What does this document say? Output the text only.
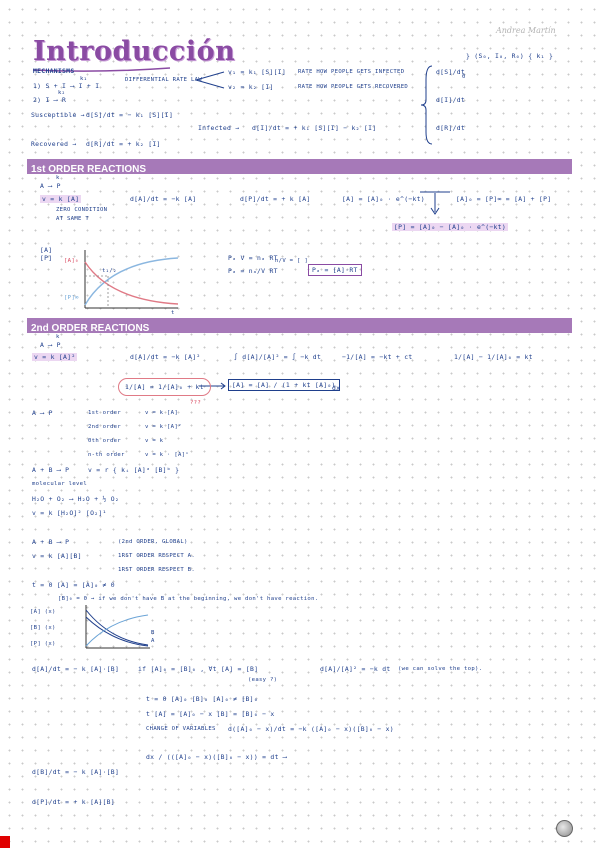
Andrea Martín
Introducción
MECHANISMS
1) S + I ⟶ I + I
k₁
2) I ⟶ R
k₂
DIFFERENTIAL RATE LAW
v₁ = k₁ [S][I] RATE HOW PEOPLE GETS INFECTED
v₂ = k₂ [I]	RATE HOW PEOPLE GETS RECOVERED
Susceptible → d[S]/dt = − k₁ [S][I]
Infected → d[I]/dt = + k₁ [S][I] − k₂ [I]
Recovered → d[R]/dt = + k₂ [I]
d[S]/dt
d[I]/dt
d[R]/dt
0
} (S₀, I₀, R₀) { k₁ }
1st ORDER REACTIONS
A ⟶ P
k
v = k [A]
ZERO CONDITION
AT SAME T
d[A]/dt = −k [A]	d[P]/dt = + k [A]	[A] = [A]₀ · e^(−kt)	[A]₀ = [P]∞ = [A] + [P]
[P] = [A]₀ − [A]₀ · e^(−kt)
[A]
[P] [A]₀
[P]∞
t₁/₂
t
Pₐ V = nₐ RT
Pₐ = nₐ/V RT
n/V = [ ]
Pₐ = [A]·RT
2nd ORDER REACTIONS
A ⟶ P
k
v = k [A]²	d[A]/dt = −k [A]²	∫ d[A]/[A]² = ∫ −k dt	−1/[A] = −kt + ct	1/[A] − 1/[A]₀ = kt
1/[A] = 1/[A]₀ + kt
???
[A] = [A] / (1 + kt [A]₀)
dx
A ⟶ P	1st order	v = k [A]
2nd order	v = k [A]²
0th order	v = k
n-th order	v = k · [A]ⁿ
A + B ⟶ P	v = r { kᵢ [A]ᵃ [B]ᵇ }
molecular level
H₂O + O₂ ⟶ H₂O + ½ O₂
v = k [H₂O]² [O₂]¹
A + B ⟶ P	(2nd ORDER, GLOBAL)
v = k [A][B]	1RST ORDER RESPECT A.
1RST ORDER RESPECT B.
t = 0 [A] = [A]₀ ≠ 0
[B]₀ = 0 → if we don't have B at the beginning, we don't have reaction.
[A] (x)
[B] (x)
[P] (x)
B
A
d[A]/dt = − k [A]·[B]	if [A]₀ = [B]₀ , ∀t [A] = [B]
(easy ?)
d[A]/[A]² = −k dt (we can solve the top).
t = 0 [A]₀ [B]₀ [A]₀ ≠ [B]₀
t [A] = [A]₀ − x [B] = [B]₀ − x
CHANGE OF VARIABLES d([A]₀ − x)/dt = −k ([A]₀ − x)([B]₀ − x)
dx / (([A]₀ − x)([B]₀ − x)) = dt ⟶
d[B]/dt = − k [A]·[B]
d[P]/dt = + k [A][B]
